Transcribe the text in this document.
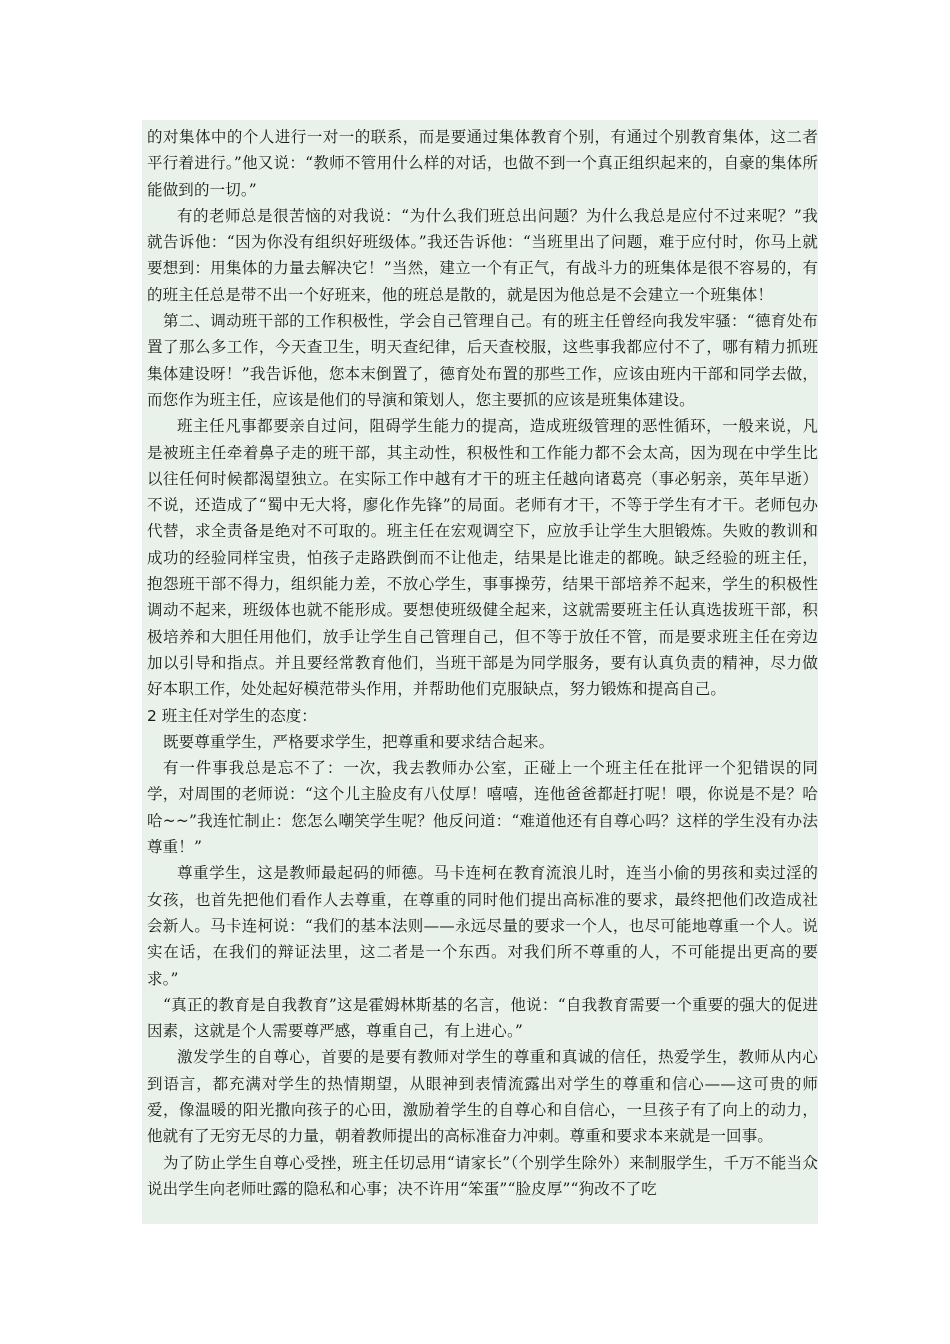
的对集体中的个人进行一对一的联系，而是要通过集体教育个别，有通过个别教育集体，这二者平行着进行。”他又说：“教师不管用什么样的对话，也做不到一个真正组织起来的，自豪的集体所能做到的一切。”

有的老师总是很苦恼的对我说：“为什么我们班总出问题？为什么我总是应付不过来呢？”我就告诉他：“因为你没有组织好班级体。”我还告诉他：“当班里出了问题，难于应付时，你马上就要想到：用集体的力量去解决它！”当然，建立一个有正气，有战斗力的班集体是很不容易的，有的班主任总是带不出一个好班来，他的班总是散的，就是因为他总是不会建立一个班集体！

第二、调动班干部的工作积极性，学会自己管理自己。有的班主任曾经向我发牢骚：“德育处布置了那么多工作，今天查卫生，明天查纪律，后天查校服，这些事我都应付不了，哪有精力抓班集体建设呀！”我告诉他，您本末倒置了，德育处布置的那些工作，应该由班内干部和同学去做，而您作为班主任，应该是他们的导演和策划人，您主要抓的应该是班集体建设。

班主任凡事都要亲自过问，阻碍学生能力的提高，造成班级管理的恶性循环，一般来说，凡是被班主任牵着鼻子走的班干部，其主动性，积极性和工作能力都不会太高，因为现在中学生比以往任何时候都渴望独立。在实际工作中越有才干的班主任越向诸葛亮（事必躬亲，英年早逝）不说，还造成了“蜀中无大将，廖化作先锋”的局面。老师有才干，不等于学生有才干。老师包办代替，求全责备是绝对不可取的。班主任在宏观调空下，应放手让学生大胆锻炼。失败的教训和成功的经验同样宝贵，怕孩子走路跌倒而不让他走，结果是比谁走的都晚。缺乏经验的班主任，抱怨班干部不得力，组织能力差，不放心学生，事事操劳，结果干部培养不起来，学生的积极性调动不起来，班级体也就不能形成。要想使班级健全起来，这就需要班主任认真选拔班干部，积极培养和大胆任用他们，放手让学生自己管理自己，但不等于放任不管，而是要求班主任在旁边加以引导和指点。并且要经常教育他们，当班干部是为同学服务，要有认真负责的精神，尽力做好本职工作，处处起好模范带头作用，并帮助他们克服缺点，努力锻炼和提高自己。

2 班主任对学生的态度：

既要尊重学生，严格要求学生，把尊重和要求结合起来。

有一件事我总是忘不了：一次，我去教师办公室，正碰上一个班主任在批评一个犯错误的同学，对周围的老师说：“这个儿主脸皮有八仗厚！嘻嘻，连他爸爸都赶打呢！喂，你说是不是？哈哈~~”我连忙制止：您怎么嘲笑学生呢？他反问道：“难道他还有自尊心吗？这样的学生没有办法尊重！”

尊重学生，这是教师最起码的师德。马卡连柯在教育流浪儿时，连当小偷的男孩和卖过淫的女孩，也首先把他们看作人去尊重，在尊重的同时他们提出高标准的要求，最终把他们改造成社会新人。马卡连柯说：“我们的基本法则——永远尽量的要求一个人，也尽可能地尊重一个人。说实在话，在我们的辩证法里，这二者是一个东西。对我们所不尊重的人，不可能提出更高的要求。”

“真正的教育是自我教育”这是霍姆林斯基的名言，他说：“自我教育需要一个重要的强大的促进因素，这就是个人需要尊严感，尊重自己，有上进心。”

激发学生的自尊心，首要的是要有教师对学生的尊重和真诚的信任，热爱学生，教师从内心到语言，都充满对学生的热情期望，从眼神到表情流露出对学生的尊重和信心——这可贵的师爱，像温暖的阳光撒向孩子的心田，激励着学生的自尊心和自信心，一旦孩子有了向上的动力，他就有了无穷无尽的力量，朝着教师提出的高标准奋力冲刺。尊重和要求本来就是一回事。

为了防止学生自尊心受挫，班主任切忌用“请家长”（个别学生除外）来制服学生，千万不能当众说出学生向老师吐露的隐私和心事；决不许用“笨蛋”“脸皮厚”“狗改不了吃
